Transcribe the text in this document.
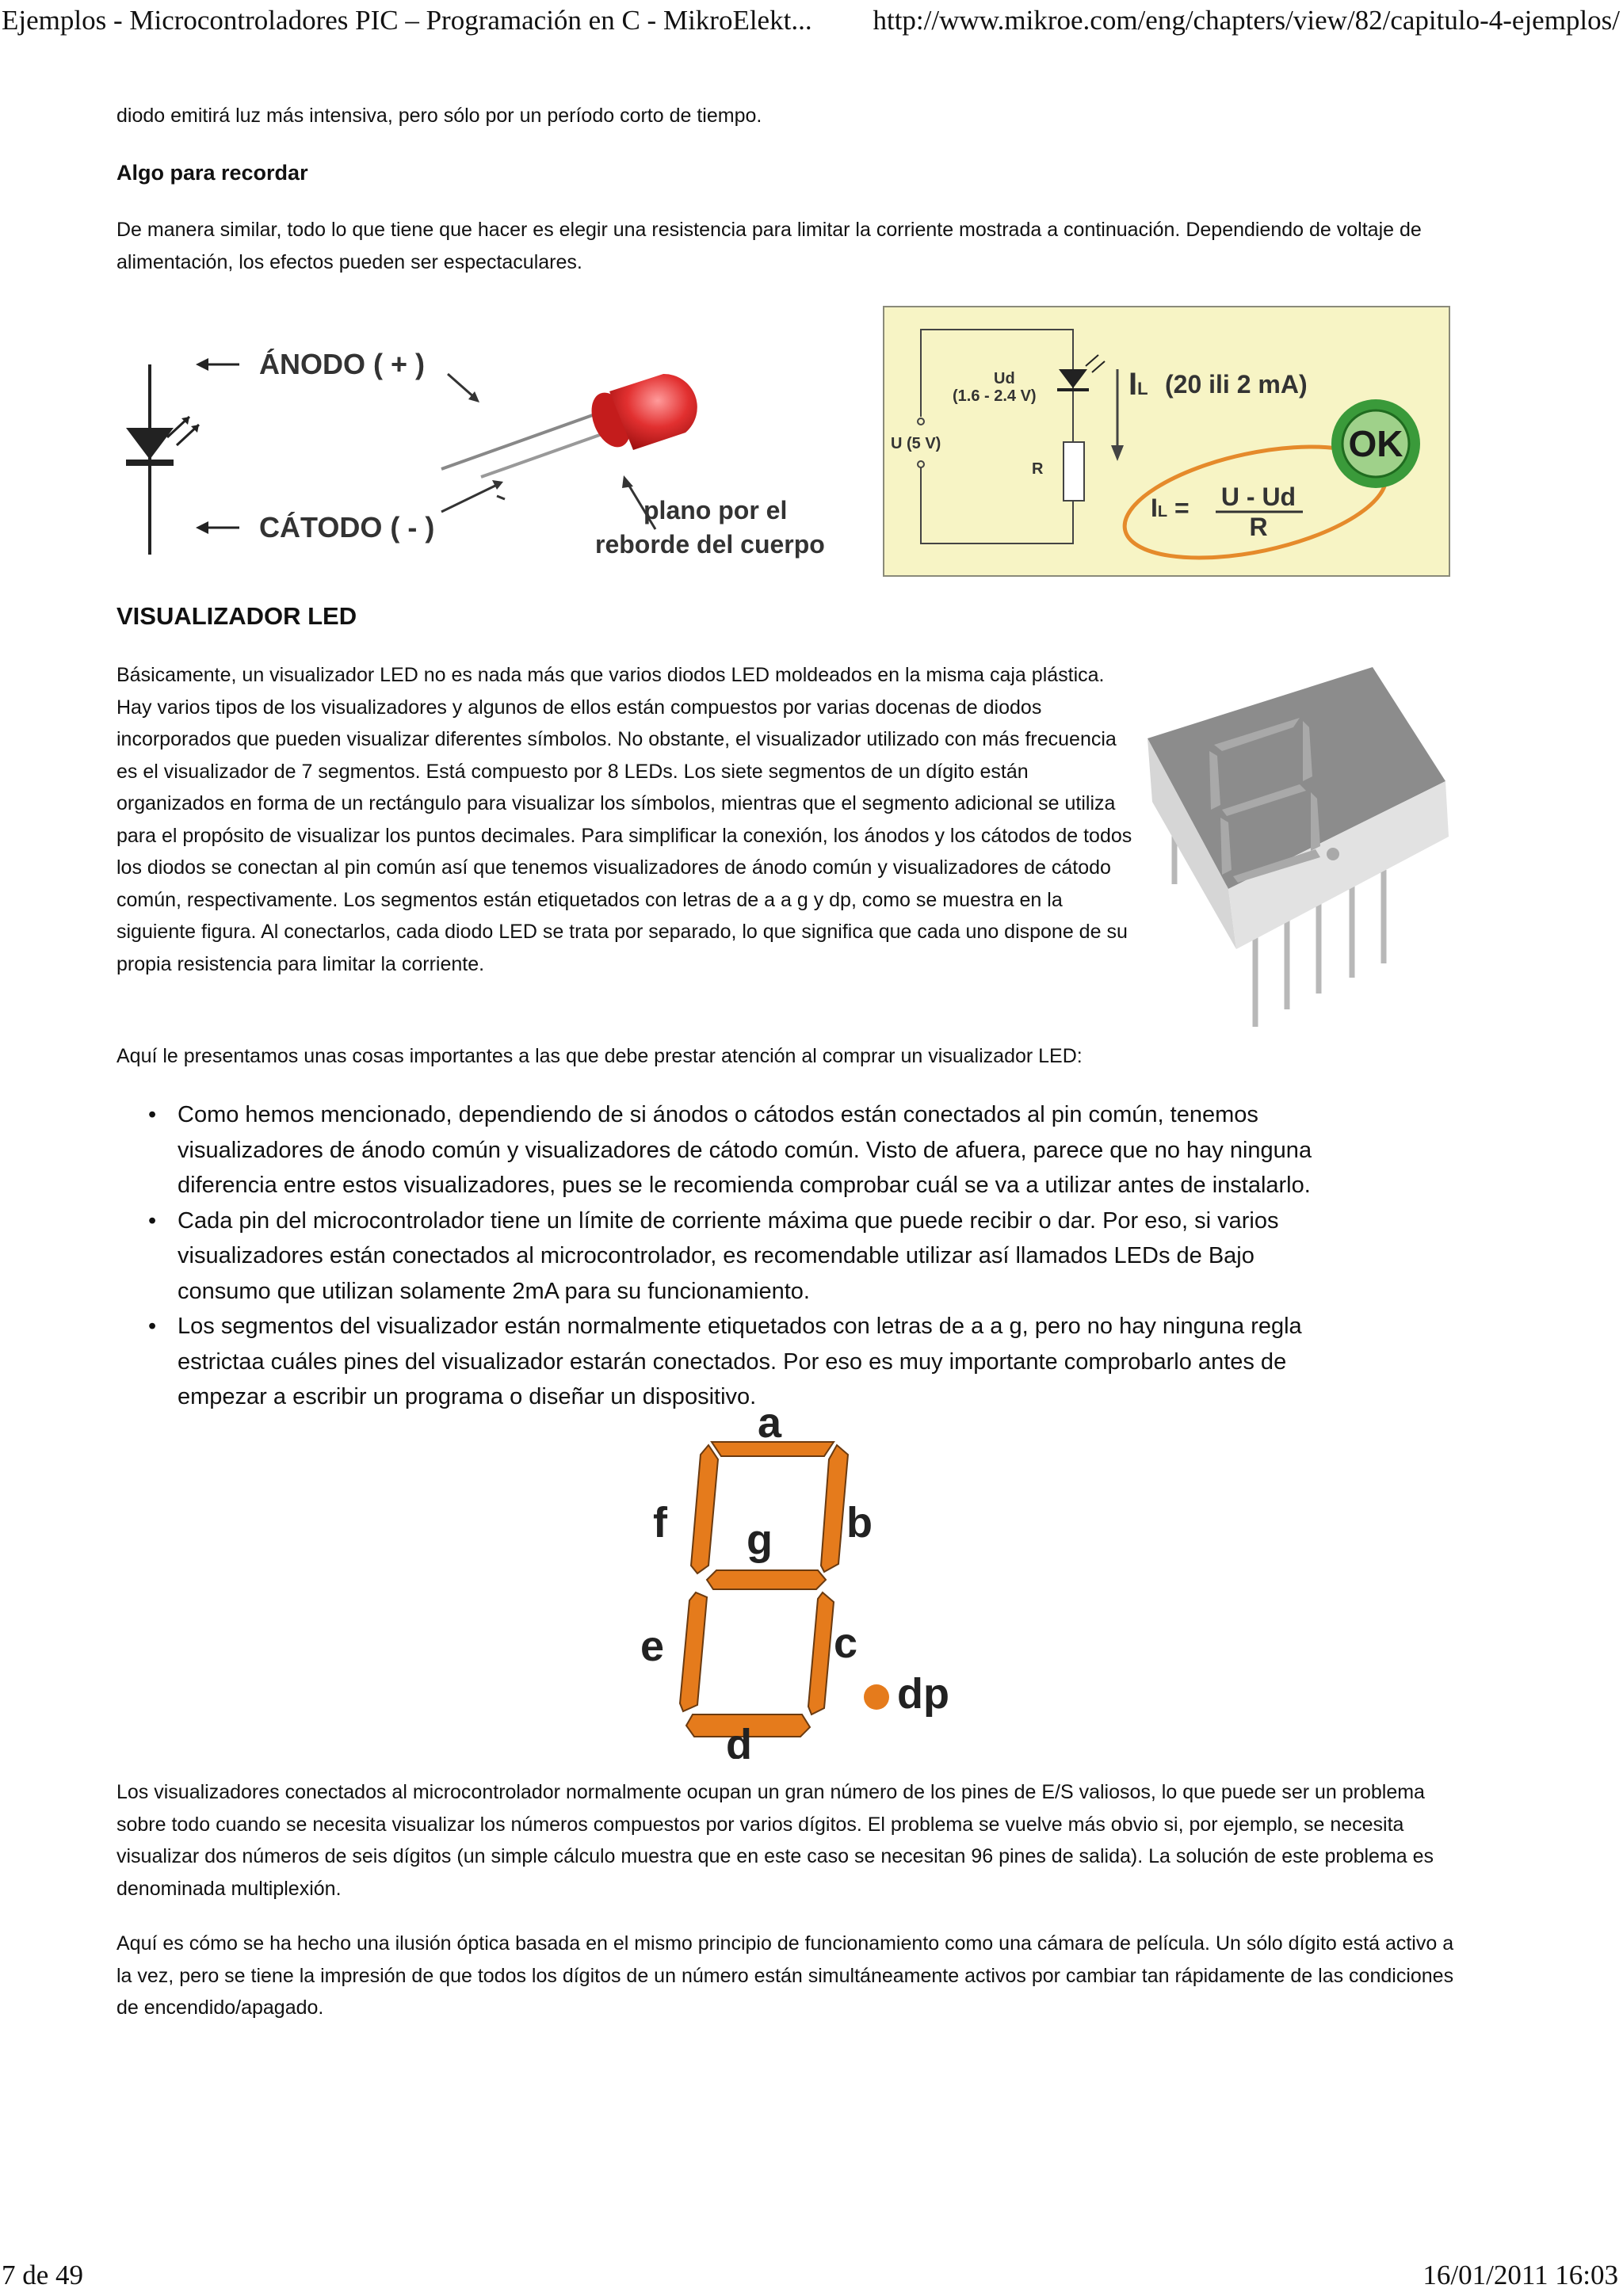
Ejemplos - Microcontroladores PIC – Programación en C - MikroElekt... http://www.mikroe.com/eng/chapters/view/82/capitulo-4-ejemplos/

diodo emitirá luz más intensiva, pero sólo por un período corto de tiempo.

Algo para recordar

De manera similar, todo lo que tiene que hacer es elegir una resistencia para limitar la corriente mostrada a continuación. Dependiendo de voltaje de alimentación, los efectos pueden ser espectaculares.

ÁNODO ( + )
CÁTODO ( - )
plano por el
reborde del cuerpo
U (5 V)
Ud
(1.6 - 2.4 V)
R
IL (20 ili 2 mA)
OK
IL = U - Ud
R
VISUALIZADOR LED

Básicamente, un visualizador LED no es nada más que varios diodos LED moldeados en la misma caja plástica. Hay varios tipos de los visualizadores y algunos de ellos están compuestos por varias docenas de diodos incorporados que pueden visualizar diferentes símbolos. No obstante, el visualizador utilizado con más frecuencia es el visualizador de 7 segmentos. Está compuesto por 8 LEDs. Los siete segmentos de un dígito están organizados en forma de un rectángulo para visualizar los símbolos, mientras que el segmento adicional se utiliza para el propósito de visualizar los puntos decimales. Para simplificar la conexión, los ánodos y los cátodos de todos los diodos se conectan al pin común así que tenemos visualizadores de ánodo común y visualizadores de cátodo común, respectivamente. Los segmentos están etiquetados con letras de a a g y dp, como se muestra en la siguiente figura. Al conectarlos, cada diodo LED se trata por separado, lo que significa que cada uno dispone de su propia resistencia para limitar la corriente.

Aquí le presentamos unas cosas importantes a las que debe prestar atención al comprar un visualizador LED:

• Como hemos mencionado, dependiendo de si ánodos o cátodos están conectados al pin común, tenemos visualizadores de ánodo común y visualizadores de cátodo común. Visto de afuera, parece que no hay ninguna diferencia entre estos visualizadores, pues se le recomienda comprobar cuál se va a utilizar antes de instalarlo.
• Cada pin del microcontrolador tiene un límite de corriente máxima que puede recibir o dar. Por eso, si varios visualizadores están conectados al microcontrolador, es recomendable utilizar así llamados LEDs de Bajo consumo que utilizan solamente 2mA para su funcionamiento.
• Los segmentos del visualizador están normalmente etiquetados con letras de a a g, pero no hay ninguna regla estrictaa cuáles pines del visualizador estarán conectados. Por eso es muy importante comprobarlo antes de empezar a escribir un programa o diseñar un dispositivo.
a
b
c
d
e
f g
dp

Los visualizadores conectados al microcontrolador normalmente ocupan un gran número de los pines de E/S valiosos, lo que puede ser un problema sobre todo cuando se necesita visualizar los números compuestos por varios dígitos. El problema se vuelve más obvio si, por ejemplo, se necesita visualizar dos números de seis dígitos (un simple cálculo muestra que en este caso se necesitan 96 pines de salida). La solución de este problema es denominada multiplexión.

Aquí es cómo se ha hecho una ilusión óptica basada en el mismo principio de funcionamiento como una cámara de película. Un sólo dígito está activo a la vez, pero se tiene la impresión de que todos los dígitos de un número están simultáneamente activos por cambiar tan rápidamente de las condiciones de encendido/apagado.

7 de 49	16/01/2011 16:03
